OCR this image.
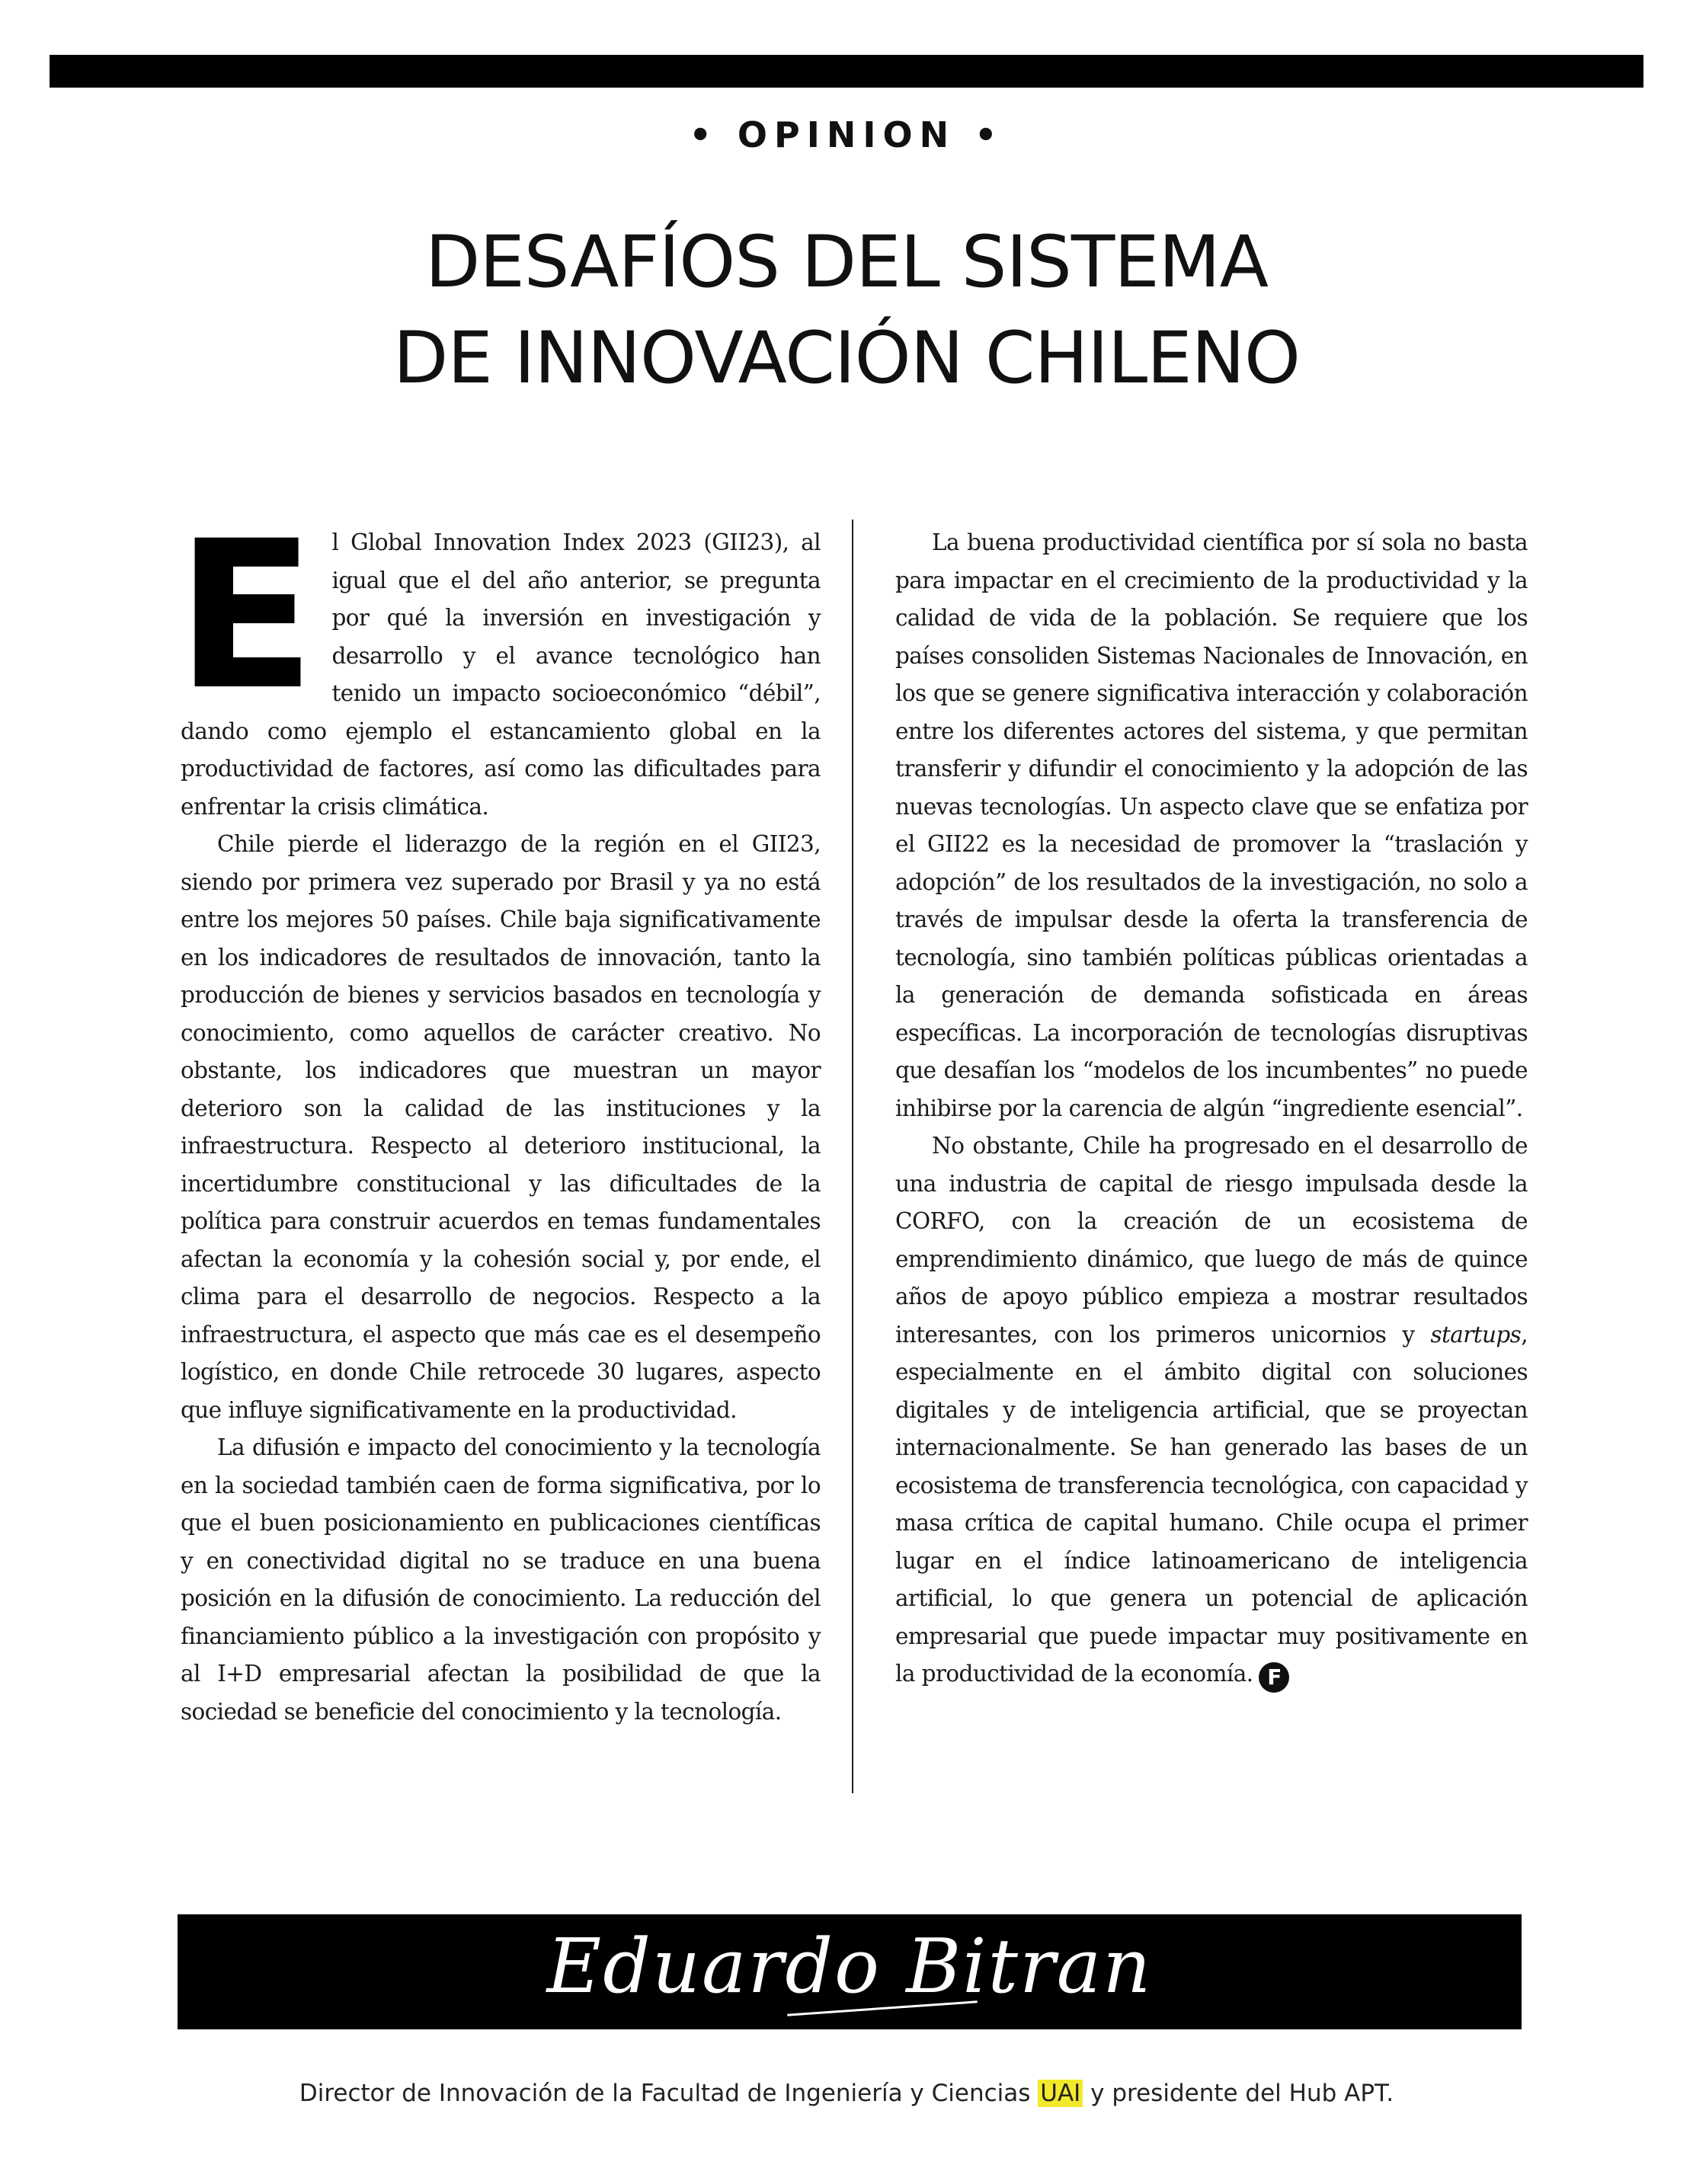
• OPINION •
DESAFÍOS DEL SISTEMA
DE INNOVACIÓN CHILENO

El Global Innovation Index 2023 (GII23), al igual que el del año anterior, se pregunta por qué la inversión en investigación y desarrollo y el avance tecnológico han tenido un impacto socioeconómico “débil”, dando como ejemplo el estancamiento global en la productividad de factores, así como las dificultades para enfrentar la crisis climática.

Chile pierde el liderazgo de la región en el GII23, siendo por primera vez superado por Brasil y ya no está entre los mejores 50 países. Chile baja significativamente en los indicadores de resultados de innovación, tanto la producción de bienes y servicios basados en tecnología y conocimiento, como aquellos de carácter creativo. No obstante, los indicadores que muestran un mayor deterioro son la calidad de las instituciones y la infraestructura. Respecto al deterioro institucional, la incertidumbre constitucional y las dificultades de la política para construir acuerdos en temas fundamentales afectan la economía y la cohesión social y, por ende, el clima para el desarrollo de negocios. Respecto a la infraestructura, el aspecto que más cae es el desempeño logístico, en donde Chile retrocede 30 lugares, aspecto que influye significativamente en la productividad.

La difusión e impacto del conocimiento y la tecnología en la sociedad también caen de forma significativa, por lo que el buen posicionamiento en publicaciones científicas y en conectividad digital no se traduce en una buena posición en la difusión de conocimiento. La reducción del financiamiento público a la investigación con propósito y al I+D empresarial afectan la posibilidad de que la sociedad se beneficie del conocimiento y la tecnología.

La buena productividad científica por sí sola no basta para impactar en el crecimiento de la productividad y la calidad de vida de la población. Se requiere que los países consoliden Sistemas Nacionales de Innovación, en los que se genere significativa interacción y colaboración entre los diferentes actores del sistema, y que permitan transferir y difundir el conocimiento y la adopción de las nuevas tecnologías. Un aspecto clave que se enfatiza por el GII22 es la necesidad de promover la “traslación y adopción” de los resultados de la investigación, no solo a través de impulsar desde la oferta la transferencia de tecnología, sino también políticas públicas orientadas a la generación de demanda sofisticada en áreas específicas. La incorporación de tecnologías disruptivas que desafían los “modelos de los incumbentes” no puede inhibirse por la carencia de algún “ingrediente esencial”.

No obstante, Chile ha progresado en el desarrollo de una industria de capital de riesgo impulsada desde la CORFO, con la creación de un ecosistema de emprendimiento dinámico, que luego de más de quince años de apoyo público empieza a mostrar resultados interesantes, con los primeros unicornios y startups, especialmente en el ámbito digital con soluciones digitales y de inteligencia artificial, que se proyectan internacionalmente. Se han generado las bases de un ecosistema de transferencia tecnológica, con capacidad y masa crítica de capital humano. Chile ocupa el primer lugar en el índice latinoamericano de inteligencia artificial, lo que genera un potencial de aplicación empresarial que puede impactar muy positivamente en la productividad de la economía. F

Eduardo Bitran
Director de Innovación de la Facultad de Ingeniería y Ciencias UAI y presidente del Hub APT.
